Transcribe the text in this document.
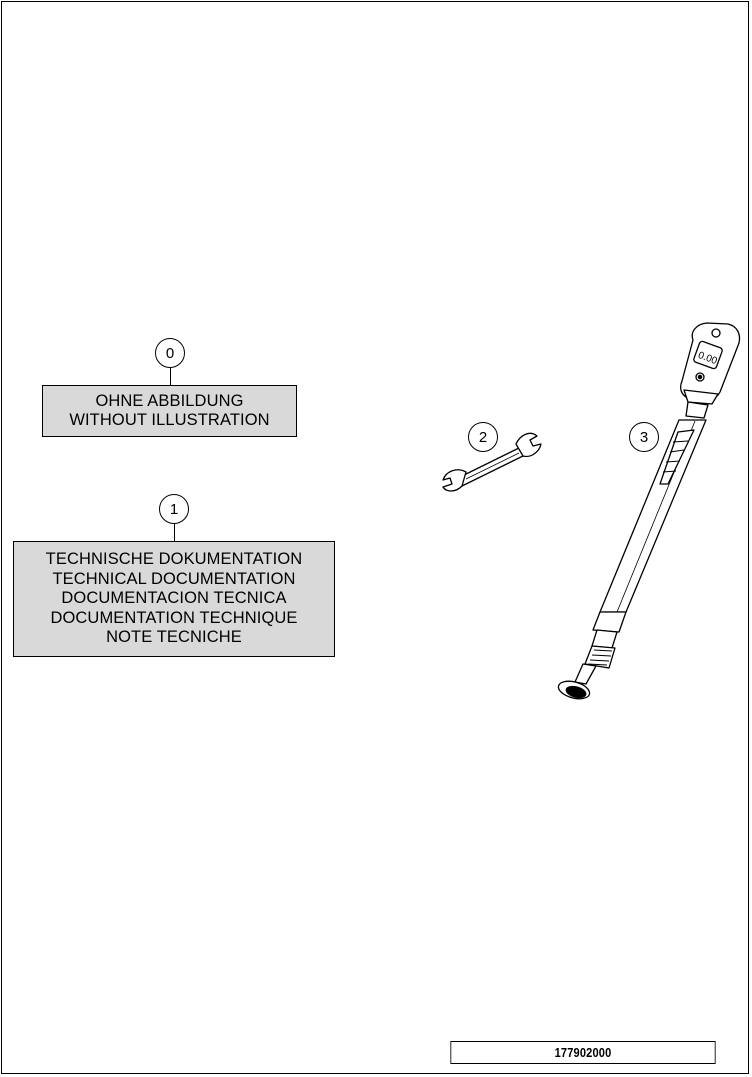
0
OHNE ABBILDUNG
WITHOUT ILLUSTRATION
1
TECHNISCHE DOKUMENTATION
TECHNICAL DOCUMENTATION
DOCUMENTACION TECNICA
DOCUMENTATION TECHNIQUE
NOTE TECNICHE
0.00
2	3
177902000
